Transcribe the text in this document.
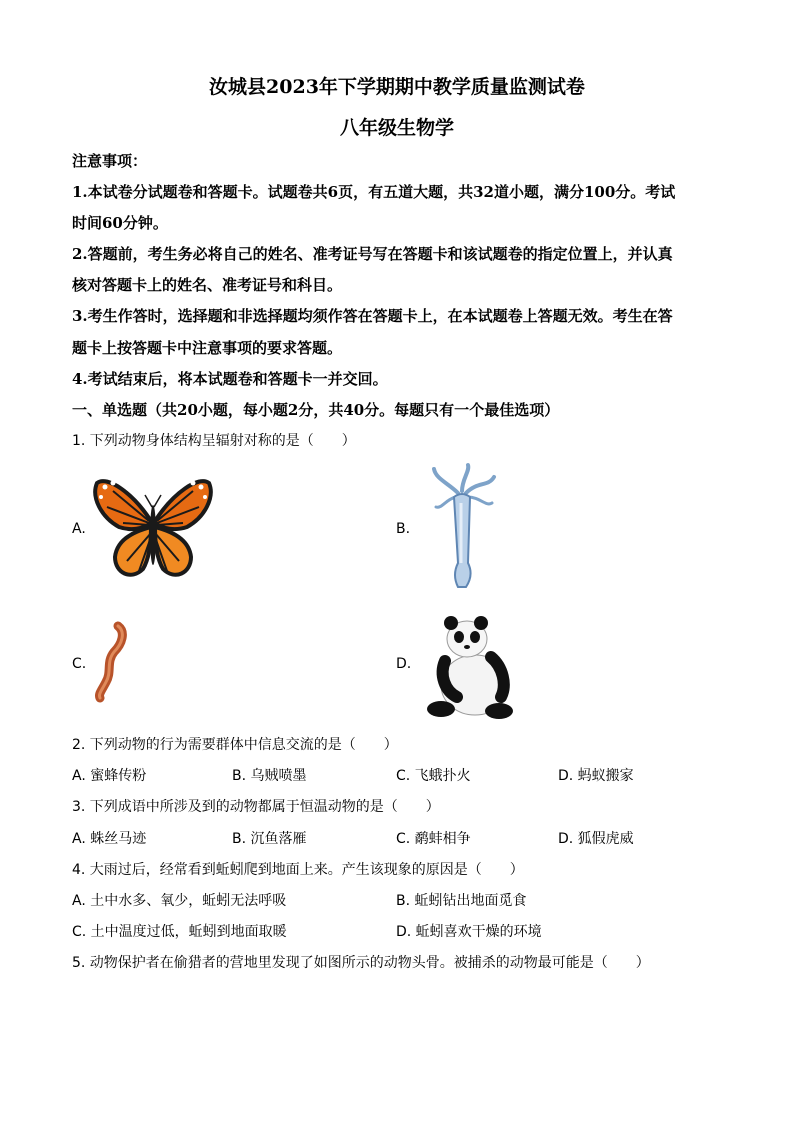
汝城县2023年下学期期中教学质量监测试卷
八年级生物学
注意事项：
1.本试卷分试题卷和答题卡。试题卷共6页，有五道大题，共32道小题，满分100分。考试
时间60分钟。
2.答题前，考生务必将自己的姓名、准考证号写在答题卡和该试题卷的指定位置上，并认真
核对答题卡上的姓名、准考证号和科目。
3.考生作答时，选择题和非选择题均须作答在答题卡上，在本试题卷上答题无效。考生在答
题卡上按答题卡中注意事项的要求答题。
4.考试结束后，将本试题卷和答题卡一并交回。
一、单选题（共20小题，每小题2分，共40分。每题只有一个最佳选项）
1. 下列动物身体结构呈辐射对称的是（　　）
A.	B.
C.	D.
2. 下列动物的行为需要群体中信息交流的是（　　）
A. 蜜蜂传粉	B. 乌贼喷墨	C. 飞蛾扑火	D. 蚂蚁搬家
3. 下列成语中所涉及到的动物都属于恒温动物的是（　　）
A. 蛛丝马迹	B. 沉鱼落雁	C. 鹬蚌相争	D. 狐假虎威
4. 大雨过后，经常看到蚯蚓爬到地面上来。产生该现象的原因是（　　）
A. 土中水多、氧少，蚯蚓无法呼吸	B. 蚯蚓钻出地面觅食
C. 土中温度过低，蚯蚓到地面取暖	D. 蚯蚓喜欢干燥的环境
5. 动物保护者在偷猎者的营地里发现了如图所示的动物头骨。被捕杀的动物最可能是（　　）
